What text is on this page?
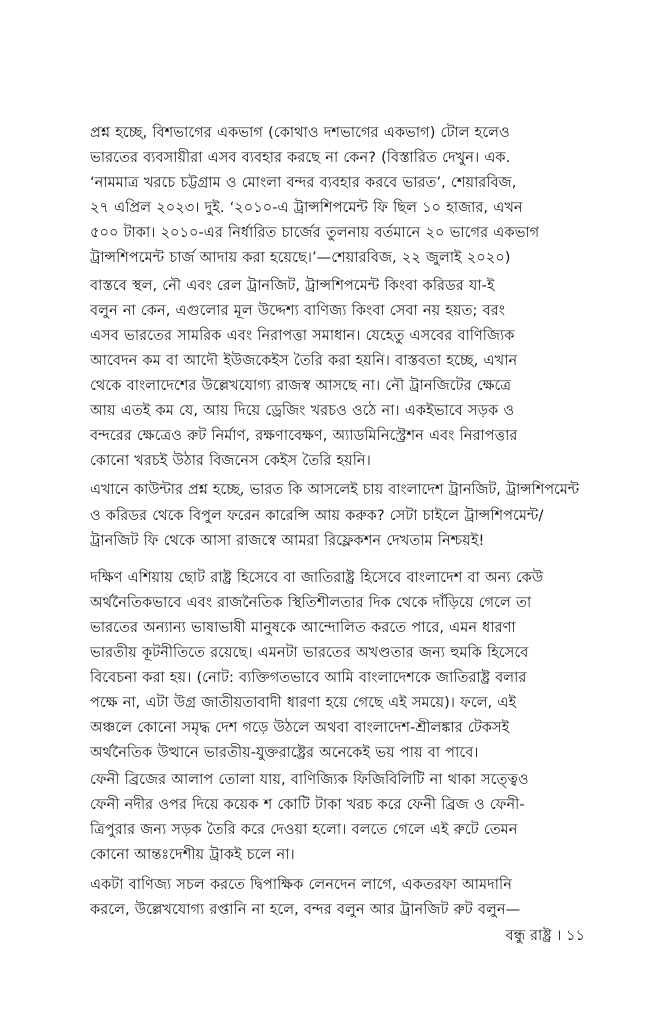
প্রশ্ন হচ্ছে, বিশভাগের একভাগ (কোথাও দশভাগের একভাগ) টোল হলেও
ভারতের ব্যবসায়ীরা এসব ব্যবহার করছে না কেন? (বিস্তারিত দেখুন। এক.
‘নামমাত্র খরচে চট্টগ্রাম ও মোংলা বন্দর ব্যবহার করবে ভারত’, শেয়ারবিজ,
২৭ এপ্রিল ২০২৩। দুই. ‘২০১০-এ ট্রান্সশিপমেন্ট ফি ছিল ১০ হাজার, এখন
৫০০ টাকা। ২০১০-এর নির্ধারিত চার্জের তুলনায় বর্তমানে ২০ ভাগের একভাগ
ট্রান্সশিপমেন্ট চার্জ আদায় করা হয়েছে।’—শেয়ারবিজ, ২২ জুলাই ২০২০)

বাস্তবে স্থল, নৌ এবং রেল ট্রানজিট, ট্রান্সশিপমেন্ট কিংবা করিডর যা-ই
বলুন না কেন, এগুলোর মূল উদ্দেশ্য বাণিজ্য কিংবা সেবা নয় হয়ত; বরং
এসব ভারতের সামরিক এবং নিরাপত্তা সমাধান। যেহেতু এসবের বাণিজ্যিক
আবেদন কম বা আদৌ ইউজকেইস তৈরি করা হয়নি। বাস্তবতা হচ্ছে, এখান
থেকে বাংলাদেশের উল্লেখযোগ্য রাজস্ব আসছে না। নৌ ট্রানজিটের ক্ষেত্রে
আয় এতই কম যে, আয় দিয়ে ড্রেজিং খরচও ওঠে না। একইভাবে সড়ক ও
বন্দরের ক্ষেত্রেও রুট নির্মাণ, রক্ষণাবেক্ষণ, অ্যাডমিনিস্ট্রেশন এবং নিরাপত্তার
কোনো খরচই উঠার বিজনেস কেইস তৈরি হয়নি।

এখানে কাউন্টার প্রশ্ন হচ্ছে, ভারত কি আসলেই চায় বাংলাদেশ ট্রানজিট, ট্রান্সশিপমেন্ট
ও করিডর থেকে বিপুল ফরেন কারেন্সি আয় করুক? সেটা চাইলে ট্রান্সশিপমেন্ট/
ট্রানজিট ফি থেকে আসা রাজস্বে আমরা রিফ্লেকশন দেখতাম নিশ্চয়ই!

দক্ষিণ এশিয়ায় ছোট রাষ্ট্র হিসেবে বা জাতিরাষ্ট্র হিসেবে বাংলাদেশ বা অন্য কেউ
অর্থনৈতিকভাবে এবং রাজনৈতিক স্থিতিশীলতার দিক থেকে দাঁড়িয়ে গেলে তা
ভারতের অন্যান্য ভাষাভাষী মানুষকে আন্দোলিত করতে পারে, এমন ধারণা
ভারতীয় কূটনীতিতে রয়েছে। এমনটা ভারতের অখণ্ডতার জন্য হুমকি হিসেবে
বিবেচনা করা হয়। (নোট: ব্যক্তিগতভাবে আমি বাংলাদেশকে জাতিরাষ্ট্র বলার
পক্ষে না, এটা উগ্র জাতীয়তাবাদী ধারণা হয়ে গেছে এই সময়ে)। ফলে, এই
অঞ্চলে কোনো সমৃদ্ধ দেশ গড়ে উঠলে অথবা বাংলাদেশ-শ্রীলঙ্কার টেকসই
অর্থনৈতিক উত্থানে ভারতীয়-যুক্তরাষ্ট্রের অনেকেই ভয় পায় বা পাবে।

ফেনী ব্রিজের আলাপ তোলা যায়, বাণিজ্যিক ফিজিবিলিটি না থাকা সত্ত্বেও
ফেনী নদীর ওপর দিয়ে কয়েক শ কোটি টাকা খরচ করে ফেনী ব্রিজ ও ফেনী-
ত্রিপুরার জন্য সড়ক তৈরি করে দেওয়া হলো। বলতে গেলে এই রুটে তেমন
কোনো আন্তঃদেশীয় ট্রাকই চলে না।

একটা বাণিজ্য সচল করতে দ্বিপাক্ষিক লেনদেন লাগে, একতরফা আমদানি
করলে, উল্লেখযোগ্য রপ্তানি না হলে, বন্দর বলুন আর ট্রানজিট রুট বলুন—

বন্ধু রাষ্ট্র । ১১
